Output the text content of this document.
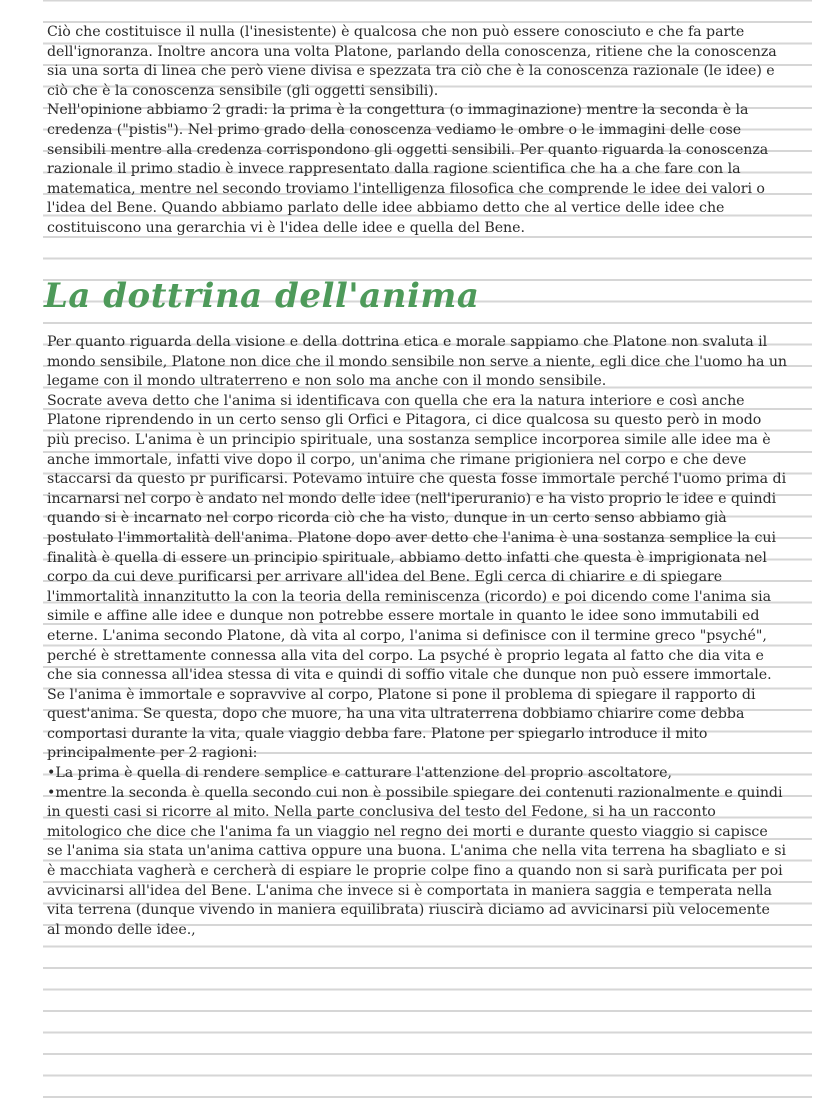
Ciò che costituisce il nulla (l'inesistente) è qualcosa che non può essere conosciuto e che fa parte dell'ignoranza. Inoltre ancora una volta Platone, parlando della conoscenza, ritiene che la conoscenza sia una sorta di linea che però viene divisa e spezzata tra ciò che è la conoscenza razionale (le idee) e ciò che è la conoscenza sensibile (gli oggetti sensibili).

Nell'opinione abbiamo 2 gradi: la prima è la congettura (o immaginazione) mentre la seconda è la credenza ("pistis"). Nel primo grado della conoscenza vediamo le ombre o le immagini delle cose sensibili mentre alla credenza corrispondono gli oggetti sensibili. Per quanto riguarda la conoscenza razionale il primo stadio è invece rappresentato dalla ragione scientifica che ha a che fare con la matematica, mentre nel secondo troviamo l'intelligenza filosofica che comprende le idee dei valori o l'idea del Bene. Quando abbiamo parlato delle idee abbiamo detto che al vertice delle idee che costituiscono una gerarchia vi è l'idea delle idee e quella del Bene.

La dottrina dell'anima

Per quanto riguarda della visione e della dottrina etica e morale sappiamo che Platone non svaluta il mondo sensibile, Platone non dice che il mondo sensibile non serve a niente, egli dice che l'uomo ha un legame con il mondo ultraterreno e non solo ma anche con il mondo sensibile.

Socrate aveva detto che l'anima si identificava con quella che era la natura interiore e così anche Platone riprendendo in un certo senso gli Orfici e Pitagora, ci dice qualcosa su questo però in modo più preciso. L'anima è un principio spirituale, una sostanza semplice incorporea simile alle idee ma è anche immortale, infatti vive dopo il corpo, un'anima che rimane prigioniera nel corpo e che deve staccarsi da questo pr purificarsi. Potevamo intuire che questa fosse immortale perché l'uomo prima di incarnarsi nel corpo è andato nel mondo delle idee (nell'iperuranio) e ha visto proprio le idee e quindi quando si è incarnato nel corpo ricorda ciò che ha visto, dunque in un certo senso abbiamo già postulato l'immortalità dell'anima. Platone dopo aver detto che l'anima è una sostanza semplice la cui finalità è quella di essere un principio spirituale, abbiamo detto infatti che questa è imprigionata nel corpo da cui deve purificarsi per arrivare all'idea del Bene. Egli cerca di chiarire e di spiegare l'immortalità innanzitutto la con la teoria della reminiscenza (ricordo) e poi dicendo come l'anima sia simile e affine alle idee e dunque non potrebbe essere mortale in quanto le idee sono immutabili ed eterne. L'anima secondo Platone, dà vita al corpo, l'anima si definisce con il termine greco "psyché", perché è strettamente connessa alla vita del corpo. La psyché è proprio legata al fatto che dia vita e che sia connessa all'idea stessa di vita e quindi di soffio vitale che dunque non può essere immortale.

Se l'anima è immortale e sopravvive al corpo, Platone si pone il problema di spiegare il rapporto di quest'anima. Se questa, dopo che muore, ha una vita ultraterrena dobbiamo chiarire come debba comportasi durante la vita, quale viaggio debba fare. Platone per spiegarlo introduce il mito principalmente per 2 ragioni:

•La prima è quella di rendere semplice e catturare l'attenzione del proprio ascoltatore,

•mentre la seconda è quella secondo cui non è possibile spiegare dei contenuti razionalmente e quindi in questi casi si ricorre al mito. Nella parte conclusiva del testo del Fedone, si ha un racconto mitologico che dice che l'anima fa un viaggio nel regno dei morti e durante questo viaggio si capisce se l'anima sia stata un'anima cattiva oppure una buona. L'anima che nella vita terrena ha sbagliato e si è macchiata vagherà e cercherà di espiare le proprie colpe fino a quando non si sarà purificata per poi avvicinarsi all'idea del Bene. L'anima che invece si è comportata in maniera saggia e temperata nella vita terrena (dunque vivendo in maniera equilibrata) riuscirà diciamo ad avvicinarsi più velocemente al mondo delle idee.,
